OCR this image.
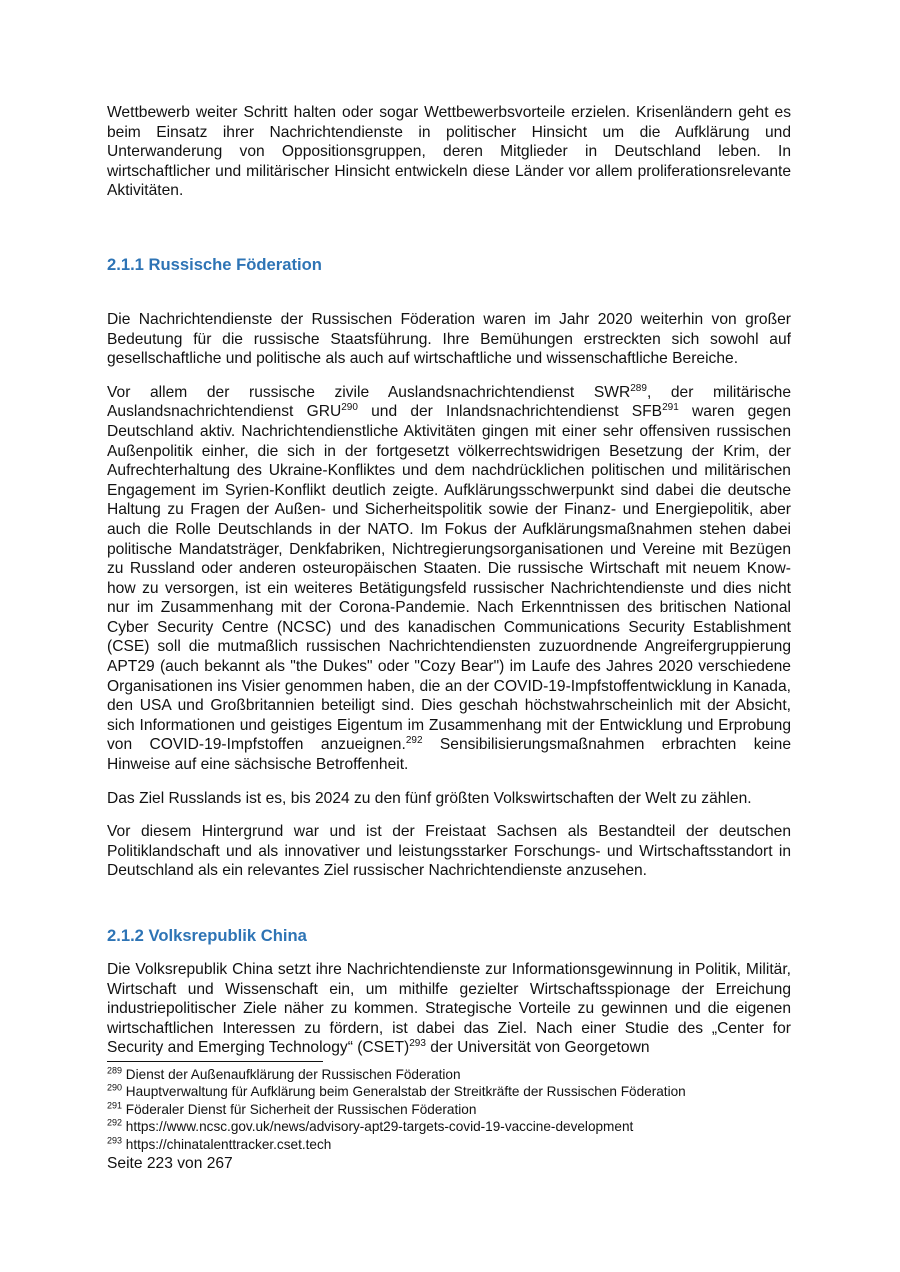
Wettbewerb weiter Schritt halten oder sogar Wettbewerbsvorteile erzielen. Krisenländern geht es beim Einsatz ihrer Nachrichtendienste in politischer Hinsicht um die Aufklärung und Unterwanderung von Oppositionsgruppen, deren Mitglieder in Deutschland leben. In wirtschaftlicher und militärischer Hinsicht entwickeln diese Länder vor allem proliferationsrelevante Aktivitäten.

2.1.1 Russische Föderation

Die Nachrichtendienste der Russischen Föderation waren im Jahr 2020 weiterhin von großer Bedeutung für die russische Staatsführung. Ihre Bemühungen erstreckten sich sowohl auf gesellschaftliche und politische als auch auf wirtschaftliche und wissenschaftliche Bereiche.

Vor allem der russische zivile Auslandsnachrichtendienst SWR$^{289}$, der militärische Auslandsnachrichtendienst GRU$^{290}$ und der Inlandsnachrichtendienst SFB$^{291}$ waren gegen Deutschland aktiv. Nachrichtendienstliche Aktivitäten gingen mit einer sehr offensiven russischen Außenpolitik einher, die sich in der fortgesetzt völkerrechtswidrigen Besetzung der Krim, der Aufrechterhaltung des Ukraine-Konfliktes und dem nachdrücklichen politischen und militärischen Engagement im Syrien-Konflikt deutlich zeigte. Aufklärungsschwerpunkt sind dabei die deutsche Haltung zu Fragen der Außen- und Sicherheitspolitik sowie der Finanz- und Energiepolitik, aber auch die Rolle Deutschlands in der NATO. Im Fokus der Aufklärungsmaßnahmen stehen dabei politische Mandatsträger, Denkfabriken, Nichtregierungsorganisationen und Vereine mit Bezügen zu Russland oder anderen osteuropäischen Staaten. Die russische Wirtschaft mit neuem Know-how zu versorgen, ist ein weiteres Betätigungsfeld russischer Nachrichtendienste und dies nicht nur im Zusammenhang mit der Corona-Pandemie. Nach Erkenntnissen des britischen National Cyber Security Centre (NCSC) und des kanadischen Communications Security Establishment (CSE) soll die mutmaßlich russischen Nachrichtendiensten zuzuordnende Angreifergruppierung APT29 (auch bekannt als "the Dukes" oder "Cozy Bear") im Laufe des Jahres 2020 verschiedene Organisationen ins Visier genommen haben, die an der COVID-19-Impfstoffentwicklung in Kanada, den USA und Großbritannien beteiligt sind. Dies geschah höchstwahrscheinlich mit der Absicht, sich Informationen und geistiges Eigentum im Zusammenhang mit der Entwicklung und Erprobung von COVID-19-Impfstoffen anzueignen.$^{292}$ Sensibilisierungsmaßnahmen erbrachten keine Hinweise auf eine sächsische Betroffenheit.

Das Ziel Russlands ist es, bis 2024 zu den fünf größten Volkswirtschaften der Welt zu zählen.

Vor diesem Hintergrund war und ist der Freistaat Sachsen als Bestandteil der deutschen Politiklandschaft und als innovativer und leistungsstarker Forschungs- und Wirtschaftsstandort in Deutschland als ein relevantes Ziel russischer Nachrichtendienste anzusehen.

2.1.2 Volksrepublik China

Die Volksrepublik China setzt ihre Nachrichtendienste zur Informationsgewinnung in Politik, Militär, Wirtschaft und Wissenschaft ein, um mithilfe gezielter Wirtschaftsspionage der Erreichung industriepolitischer Ziele näher zu kommen. Strategische Vorteile zu gewinnen und die eigenen wirtschaftlichen Interessen zu fördern, ist dabei das Ziel. Nach einer Studie des „Center for Security and Emerging Technology“ (CSET)$^{293}$ der Universität von Georgetown

$^{289}$ Dienst der Außenaufklärung der Russischen Föderation

$^{290}$ Hauptverwaltung für Aufklärung beim Generalstab der Streitkräfte der Russischen Föderation

$^{291}$ Föderaler Dienst für Sicherheit der Russischen Föderation

$^{292}$ https://www.ncsc.gov.uk/news/advisory-apt29-targets-covid-19-vaccine-development

$^{293}$ https://chinatalenttracker.cset.tech

Seite 223 von 267
